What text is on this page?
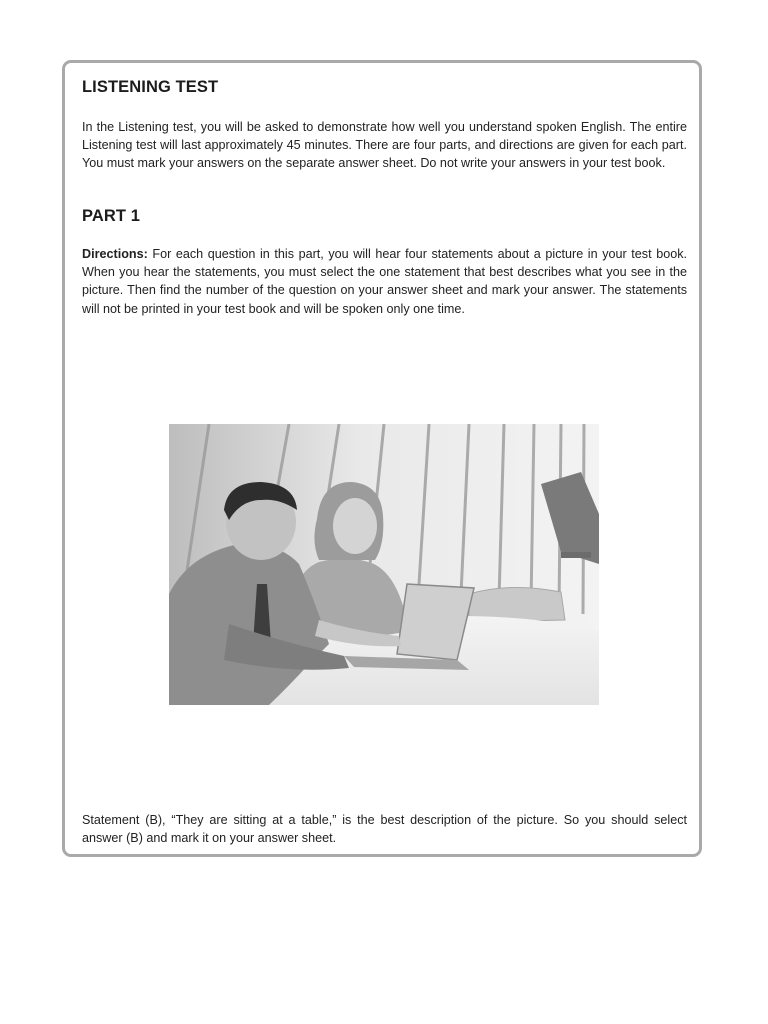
LISTENING TEST

In the Listening test, you will be asked to demonstrate how well you understand spoken English. The entire Listening test will last approximately 45 minutes. There are four parts, and directions are given for each part. You must mark your answers on the separate answer sheet. Do not write your answers in your test book.

PART 1

Directions: For each question in this part, you will hear four statements about a picture in your test book. When you hear the statements, you must select the one statement that best describes what you see in the picture. Then find the number of the question on your answer sheet and mark your answer. The statements will not be printed in your test book and will be spoken only one time.

Statement (B), “They are sitting at a table,” is the best description of the picture. So you should select answer (B) and mark it on your answer sheet.
